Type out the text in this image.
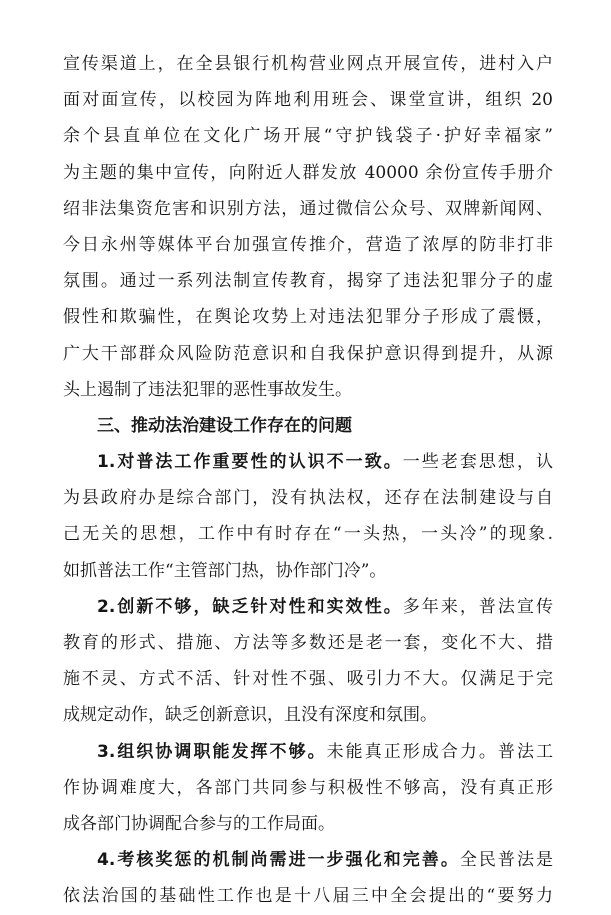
宣传渠道上，在全县银行机构营业网点开展宣传，进村入户
面对面宣传，以校园为阵地利用班会、课堂宣讲，组织 20
余个县直单位在文化广场开展“守护钱袋子·护好幸福家”
为主题的集中宣传，向附近人群发放 40000 余份宣传手册介
绍非法集资危害和识别方法，通过微信公众号、双牌新闻网、
今日永州等媒体平台加强宣传推介，营造了浓厚的防非打非
氛围。通过一系列法制宣传教育，揭穿了违法犯罪分子的虚
假性和欺骗性，在舆论攻势上对违法犯罪分子形成了震慑，
广大干部群众风险防范意识和自我保护意识得到提升，从源
头上遏制了违法犯罪的恶性事故发生。
三、推动法治建设工作存在的问题
1.对普法工作重要性的认识不一致。一些老套思想，认
为县政府办是综合部门，没有执法权，还存在法制建设与自
己无关的思想，工作中有时存在“一头热，一头冷”的现象.
如抓普法工作“主管部门热，协作部门冷”。
2.创新不够，缺乏针对性和实效性。多年来，普法宣传
教育的形式、措施、方法等多数还是老一套，变化不大、措
施不灵、方式不活、针对性不强、吸引力不大。仅满足于完
成规定动作，缺乏创新意识，且没有深度和氛围。
3.组织协调职能发挥不够。未能真正形成合力。普法工
作协调难度大，各部门共同参与积极性不够高，没有真正形
成各部门协调配合参与的工作局面。
4.考核奖惩的机制尚需进一步强化和完善。全民普法是
依法治国的基础性工作也是十八届三中全会提出的“要努力
